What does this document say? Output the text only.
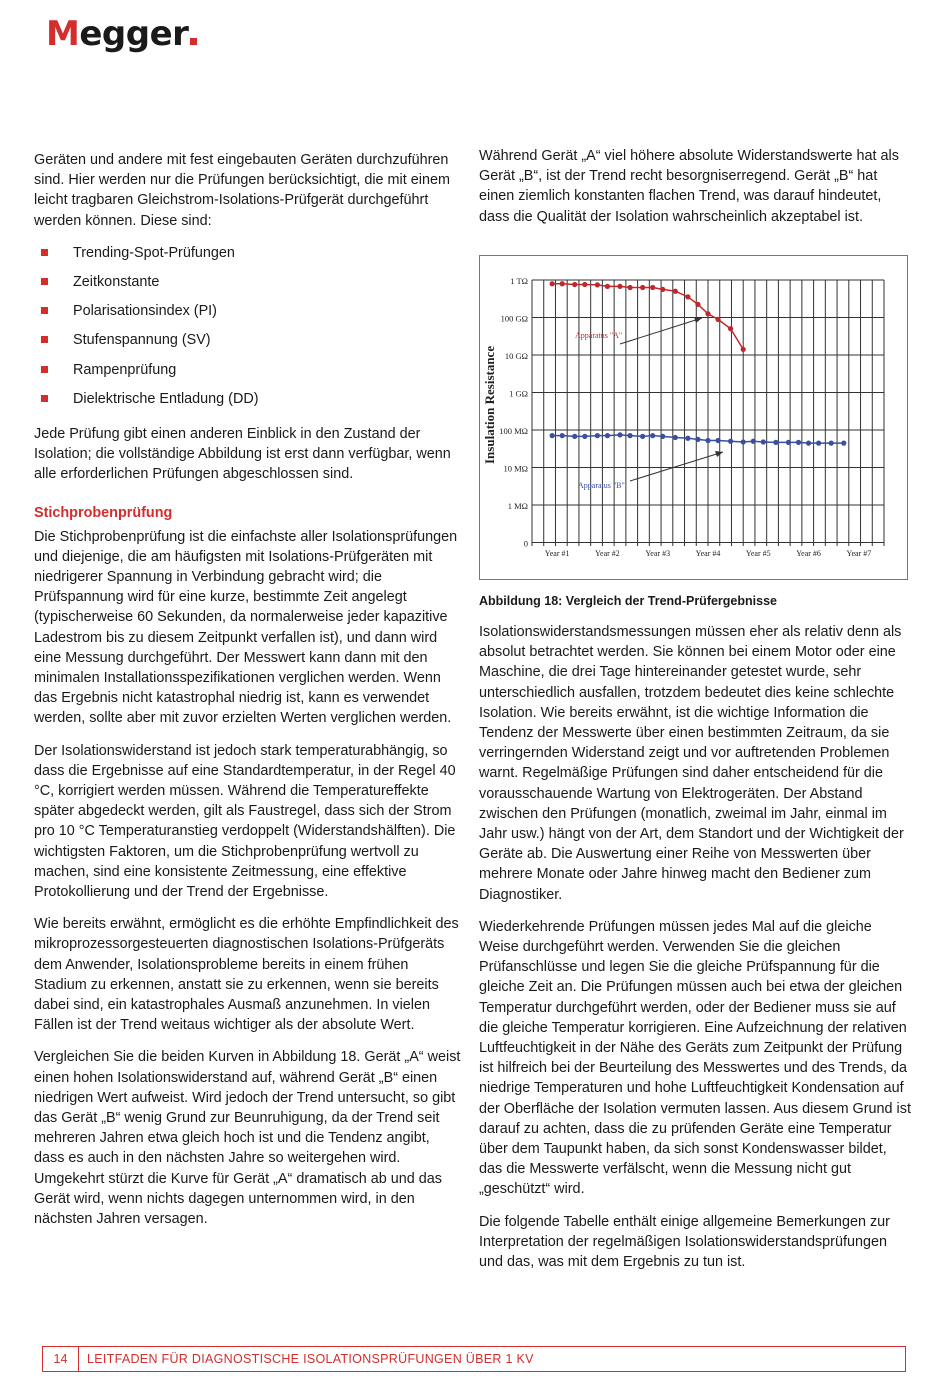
Megger

Geräten und andere mit fest eingebauten Geräten durchzuführen sind. Hier werden nur die Prüfungen berücksichtigt, die mit einem leicht tragbaren Gleichstrom-Isolations-Prüfgerät durchgeführt werden können. Diese sind:

Trending-Spot-Prüfungen
Zeitkonstante
Polarisationsindex (PI)
Stufenspannung (SV)
Rampenprüfung
Dielektrische Entladung (DD)

Jede Prüfung gibt einen anderen Einblick in den Zustand der Isolation; die vollständige Abbildung ist erst dann verfügbar, wenn alle erforderlichen Prüfungen abgeschlossen sind.

Stichprobenprüfung

Die Stichprobenprüfung ist die einfachste aller Isolationsprüfungen und diejenige, die am häufigsten mit Isolations-Prüfgeräten mit niedrigerer Spannung in Verbindung gebracht wird; die Prüfspannung wird für eine kurze, bestimmte Zeit angelegt (typischerweise 60 Sekunden, da normalerweise jeder kapazitive Ladestrom bis zu diesem Zeitpunkt verfallen ist), und dann wird eine Messung durchgeführt. Der Messwert kann dann mit den minimalen Installationsspezifikationen verglichen werden. Wenn das Ergebnis nicht katastrophal niedrig ist, kann es verwendet werden, sollte aber mit zuvor erzielten Werten verglichen werden.

Der Isolationswiderstand ist jedoch stark temperaturabhängig, so dass die Ergebnisse auf eine Standardtemperatur, in der Regel 40 °C, korrigiert werden müssen. Während die Temperatureffekte später abgedeckt werden, gilt als Faustregel, dass sich der Strom pro 10 °C Temperaturanstieg verdoppelt (Widerstandshälften). Die wichtigsten Faktoren, um die Stichprobenprüfung wertvoll zu machen, sind eine konsistente Zeitmessung, eine effektive Protokollierung und der Trend der Ergebnisse.

Wie bereits erwähnt, ermöglicht es die erhöhte Empfindlichkeit des mikroprozessorgesteuerten diagnostischen Isolations-Prüfgeräts dem Anwender, Isolationsprobleme bereits in einem frühen Stadium zu erkennen, anstatt sie zu erkennen, wenn sie bereits dabei sind, ein katastrophales Ausmaß anzunehmen. In vielen Fällen ist der Trend weitaus wichtiger als der absolute Wert.

Vergleichen Sie die beiden Kurven in Abbildung 18. Gerät „A“ weist einen hohen Isolationswiderstand auf, während Gerät „B“ einen niedrigen Wert aufweist. Wird jedoch der Trend untersucht, so gibt das Gerät „B“ wenig Grund zur Beunruhigung, da der Trend seit mehreren Jahren etwa gleich hoch ist und die Tendenz angibt, dass es auch in den nächsten Jahre so weitergehen wird. Umgekehrt stürzt die Kurve für Gerät „A“ dramatisch ab und das Gerät wird, wenn nichts dagegen unternommen wird, in den nächsten Jahren versagen.

Während Gerät „A“ viel höhere absolute Widerstandswerte hat als Gerät „B“, ist der Trend recht besorgniserregend. Gerät „B“ hat einen ziemlich konstanten flachen Trend, was darauf hindeutet, dass die Qualität der Isolation wahrscheinlich akzeptabel ist.

Insulation Resistance
1 TΩ
100 GΩ
10 GΩ
1 GΩ
100 MΩ
10 MΩ
1 MΩ
0
Year #1	Year #2	Year #3	Year #4	Year #5	Year #6	Year #7
Apparatus "A"
Apparatus "B"
Abbildung 18: Vergleich der Trend-Prüfergebnisse

Isolationswiderstandsmessungen müssen eher als relativ denn als absolut betrachtet werden. Sie können bei einem Motor oder eine Maschine, die drei Tage hintereinander getestet wurde, sehr unterschiedlich ausfallen, trotzdem bedeutet dies keine schlechte Isolation. Wie bereits erwähnt, ist die wichtige Information die Tendenz der Messwerte über einen bestimmten Zeitraum, da sie verringernden Widerstand zeigt und vor auftretenden Problemen warnt. Regelmäßige Prüfungen sind daher entscheidend für die vorausschauende Wartung von Elektrogeräten. Der Abstand zwischen den Prüfungen (monatlich, zweimal im Jahr, einmal im Jahr usw.) hängt von der Art, dem Standort und der Wichtigkeit der Geräte ab. Die Auswertung einer Reihe von Messwerten über mehrere Monate oder Jahre hinweg macht den Bediener zum Diagnostiker.

Wiederkehrende Prüfungen müssen jedes Mal auf die gleiche Weise durchgeführt werden. Verwenden Sie die gleichen Prüfanschlüsse und legen Sie die gleiche Prüfspannung für die gleiche Zeit an. Die Prüfungen müssen auch bei etwa der gleichen Temperatur durchgeführt werden, oder der Bediener muss sie auf die gleiche Temperatur korrigieren. Eine Aufzeichnung der relativen Luftfeuchtigkeit in der Nähe des Geräts zum Zeitpunkt der Prüfung ist hilfreich bei der Beurteilung des Messwertes und des Trends, da niedrige Temperaturen und hohe Luftfeuchtigkeit Kondensation auf der Oberfläche der Isolation vermuten lassen. Aus diesem Grund ist darauf zu achten, dass die zu prüfenden Geräte eine Temperatur über dem Taupunkt haben, da sich sonst Kondenswasser bildet, das die Messwerte verfälscht, wenn die Messung nicht gut „geschützt“ wird.

Die folgende Tabelle enthält einige allgemeine Bemerkungen zur Interpretation der regelmäßigen Isolationswiderstandsprüfungen und das, was mit dem Ergebnis zu tun ist.

14	LEITFADEN FÜR DIAGNOSTISCHE ISOLATIONSPRÜFUNGEN ÜBER 1 KV
